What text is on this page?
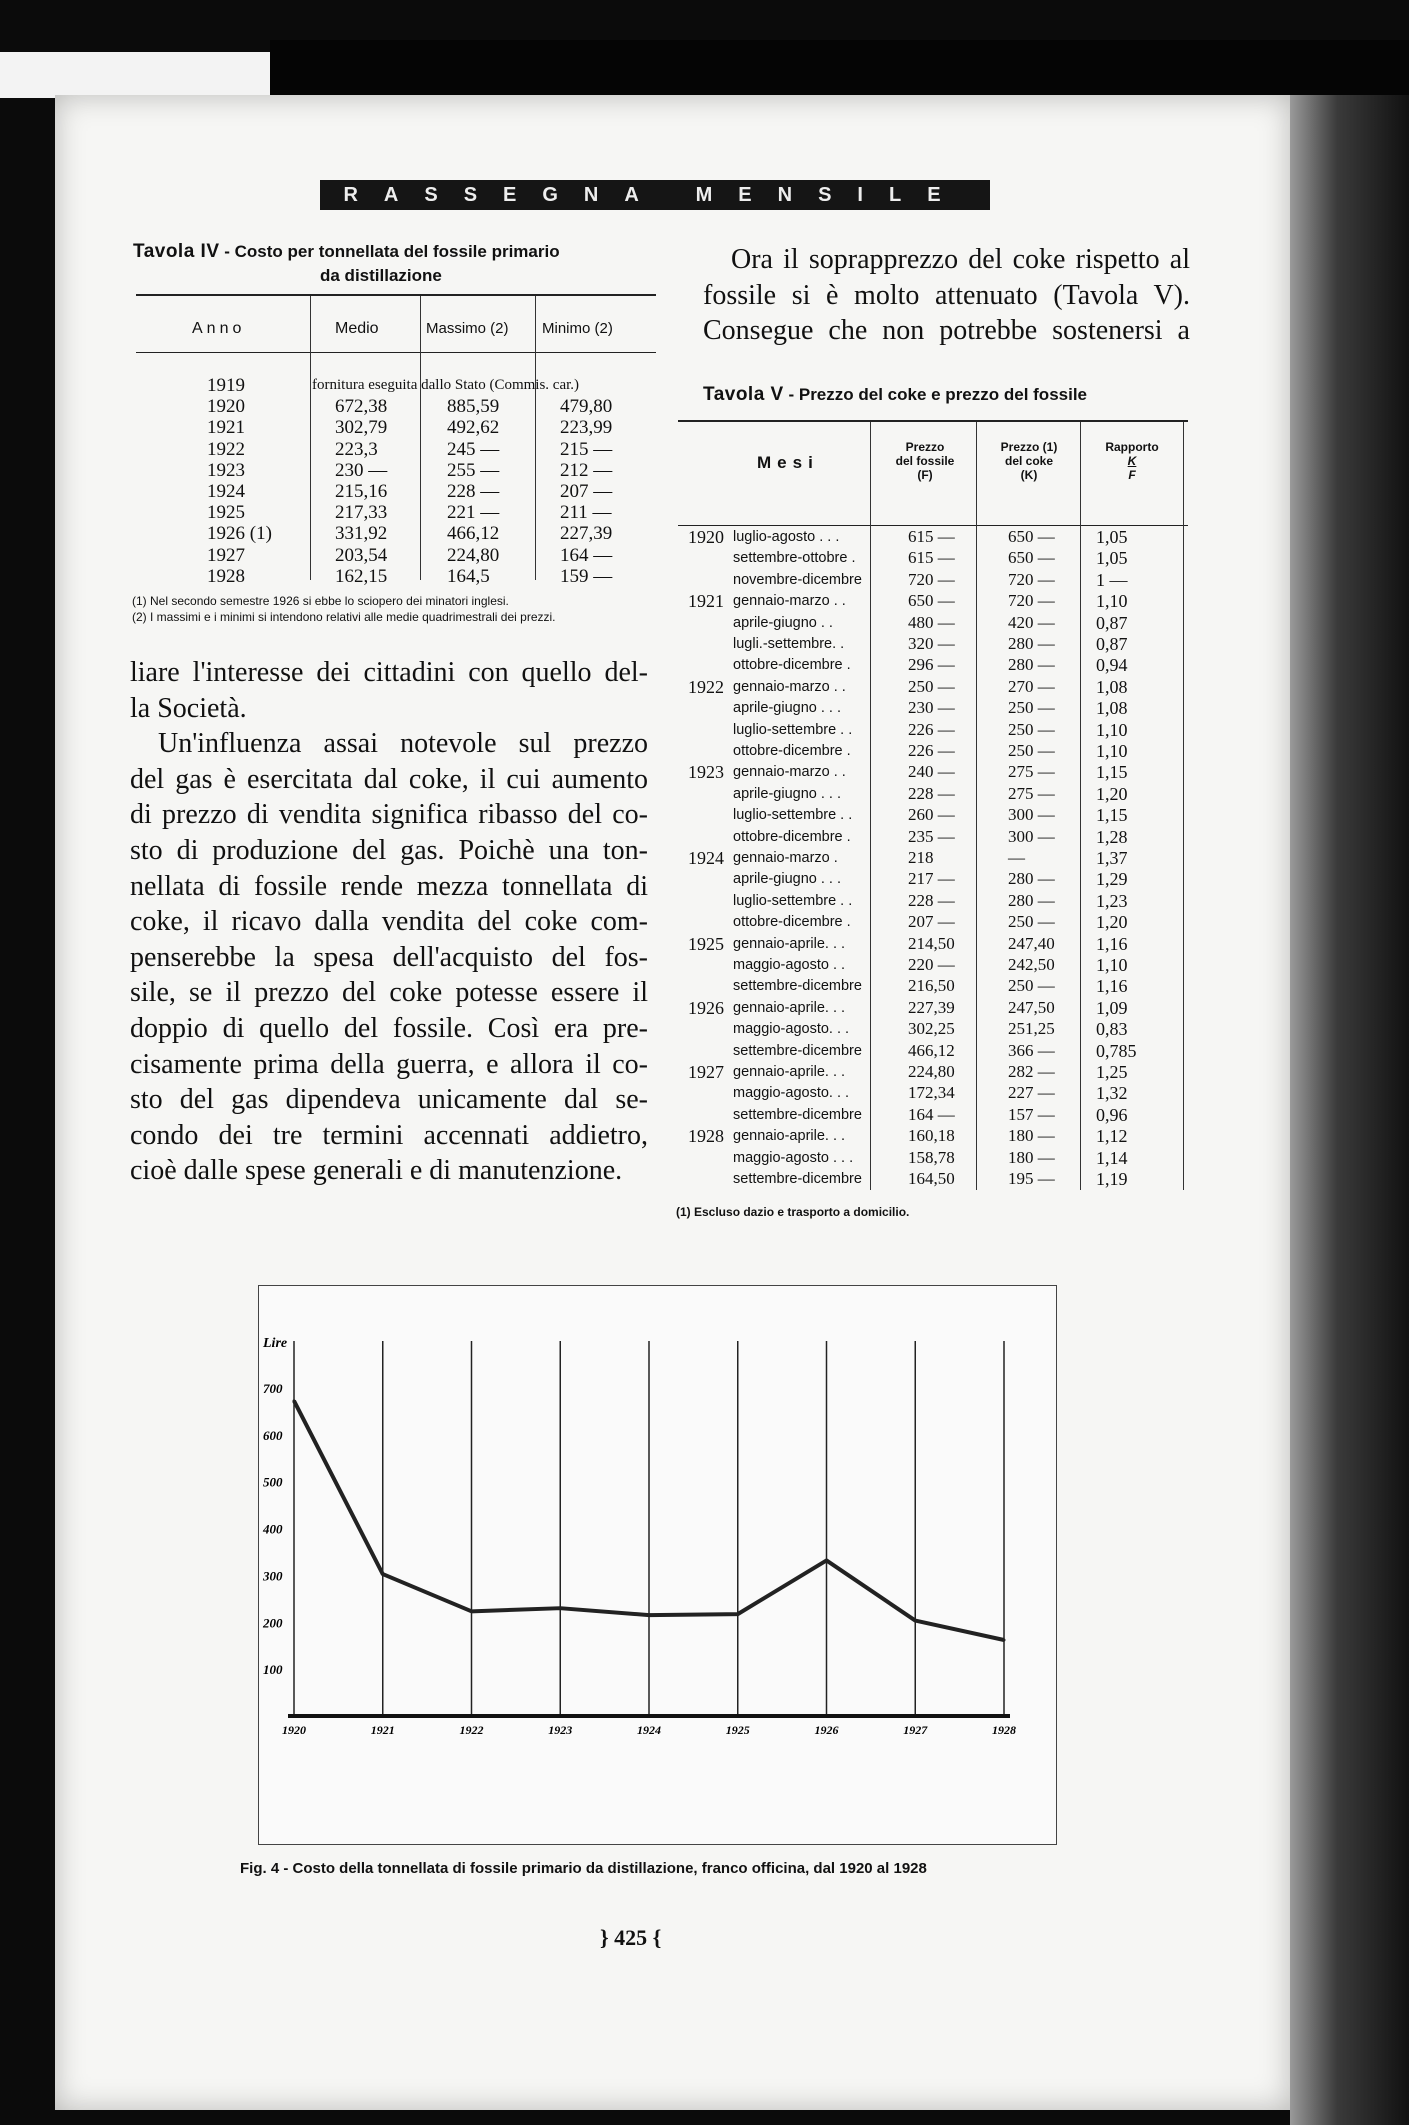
RASSEGNA MENSILE
Tavola IV - Costo per tonnellata del fossile primario
da distillazione
Anno	Medio	Massimo (2) Minimo (2)
fornitura eseguita dallo Stato (Commis. car.)
1919
1920	672,38	885,59	479,80
1921	302,79	492,62	223,99
1922	223,3	245 —	215 —
1923	230 —	255 —	212 —
1924	215,16	228 —	207 —
1925	217,33	221 —	211 —
1926 (1)	331,92	466,12	227,39
1927	203,54	224,80	164 —
1928	162,15	164,5	159 —
(1) Nel secondo semestre 1926 si ebbe lo sciopero dei minatori inglesi.
(2) I massimi e i minimi si intendono relativi alle medie quadrimestrali dei prezzi.
liare l'interesse dei cittadini con quello del-
la Società.
Un'influenza assai notevole sul prezzo
del gas è esercitata dal coke, il cui aumento
di prezzo di vendita significa ribasso del co-
sto di produzione del gas. Poichè una ton-
nellata di fossile rende mezza tonnellata di
coke, il ricavo dalla vendita del coke com-
penserebbe la spesa dell'acquisto del fos-
sile, se il prezzo del coke potesse essere il
doppio di quello del fossile. Così era pre-
cisamente prima della guerra, e allora il co-
sto del gas dipendeva unicamente dal se-
condo dei tre termini accennati addietro,
cioè dalle spese generali e di manutenzione.
Ora il soprapprezzo del coke rispetto al
fossile si è molto attenuato (Tavola V).
Consegue che non potrebbe sostenersi a
Tavola V - Prezzo del coke e prezzo del fossile
Mesi
Prezzo
del fossile
(F)
Prezzo (1)
del coke
(K)
Rapporto
K
F
1920 luglio-agosto . . .	615 —	650 — 1,05
settembre-ottobre .	615 —	650 — 1,05
novembre-dicembre	720 —	720 — 1 —
1921 gennaio-marzo . .	650 —	720 — 1,10
aprile-giugno . .	480 —	420 — 0,87
lugli.-settembre. .	320 —	280 — 0,87
ottobre-dicembre .	296 —	280 — 0,94
1922 gennaio-marzo . .	250 —	270 — 1,08
aprile-giugno . . .	230 —	250 — 1,08
luglio-settembre . .	226 —	250 — 1,10
ottobre-dicembre .	226 —	250 — 1,10
1923 gennaio-marzo . .	240 —	275 — 1,15
aprile-giugno . . .	228 —	275 — 1,20
luglio-settembre . .	260 —	300 — 1,15
ottobre-dicembre .	235 —	300 — 1,28
1924 gennaio-marzo .	218	—	1,37
aprile-giugno . . .	217 —	280 — 1,29
luglio-settembre . .	228 —	280 — 1,23
ottobre-dicembre .	207 —	250 — 1,20
1925 gennaio-aprile. . .	214,50	247,40 1,16
maggio-agosto . .	220 —	242,50 1,10
settembre-dicembre	216,50	250 — 1,16
1926 gennaio-aprile. . .	227,39	247,50 1,09
maggio-agosto. . .	302,25	251,25 0,83
settembre-dicembre	466,12	366 — 0,785
1927 gennaio-aprile. . .	224,80	282 — 1,25
maggio-agosto. . .	172,34	227 — 1,32
settembre-dicembre	164 —	157 — 0,96
1928 gennaio-aprile. . .	160,18	180 — 1,12
maggio-agosto . . .	158,78	180 — 1,14
settembre-dicembre	164,50	195 — 1,19
(1) Escluso dazio e trasporto a domicilio.
Lire
700
600
500
400
300
200
100
1920	1921	1922	1923	1924	1925	1926	1927	1928
Fig. 4 - Costo della tonnellata di fossile primario da distillazione, franco officina, dal 1920 al 1928
} 425 {
